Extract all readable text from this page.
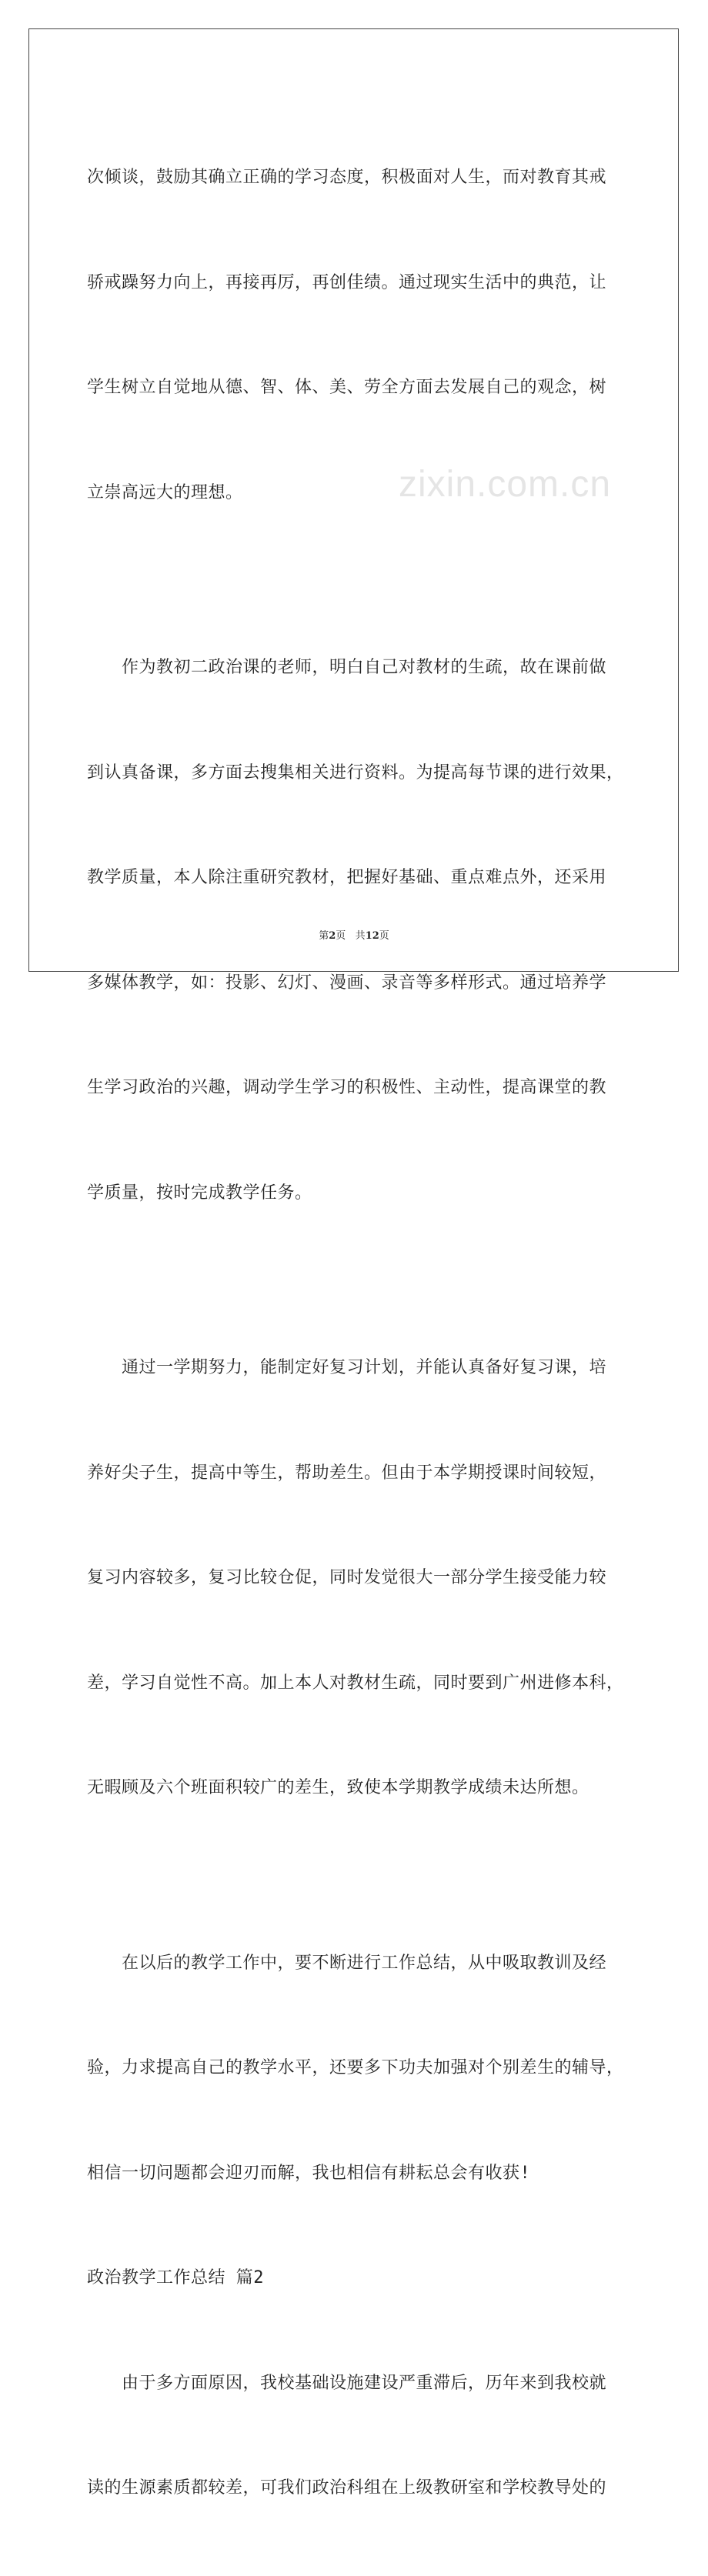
zixin.com.cn

次倾谈，鼓励其确立正确的学习态度，积极面对人生，而对教育其戒

骄戒躁努力向上，再接再厉，再创佳绩。通过现实生活中的典范，让

学生树立自觉地从德、智、体、美、劳全方面去发展自己的观念，树

立崇高远大的理想。

　　作为教初二政治课的老师，明白自己对教材的生疏，故在课前做

到认真备课，多方面去搜集相关进行资料。为提高每节课的进行效果，

教学质量，本人除注重研究教材，把握好基础、重点难点外，还采用

多媒体教学，如：投影、幻灯、漫画、录音等多样形式。通过培养学

生学习政治的兴趣，调动学生学习的积极性、主动性，提高课堂的教

学质量，按时完成教学任务。

　　通过一学期努力，能制定好复习计划，并能认真备好复习课，培

养好尖子生，提高中等生，帮助差生。但由于本学期授课时间较短，

复习内容较多，复习比较仓促，同时发觉很大一部分学生接受能力较

差，学习自觉性不高。加上本人对教材生疏，同时要到广州进修本科，

无暇顾及六个班面积较广的差生，致使本学期教学成绩未达所想。

　　在以后的教学工作中，要不断进行工作总结，从中吸取教训及经

验，力求提高自己的教学水平，还要多下功夫加强对个别差生的辅导，

相信一切问题都会迎刃而解，我也相信有耕耘总会有收获!

政治教学工作总结 篇2

　　由于多方面原因，我校基础设施建设严重滞后，历年来到我校就

读的生源素质都较差，可我们政治科组在上级教研室和学校教导处的

第2页 共12页
